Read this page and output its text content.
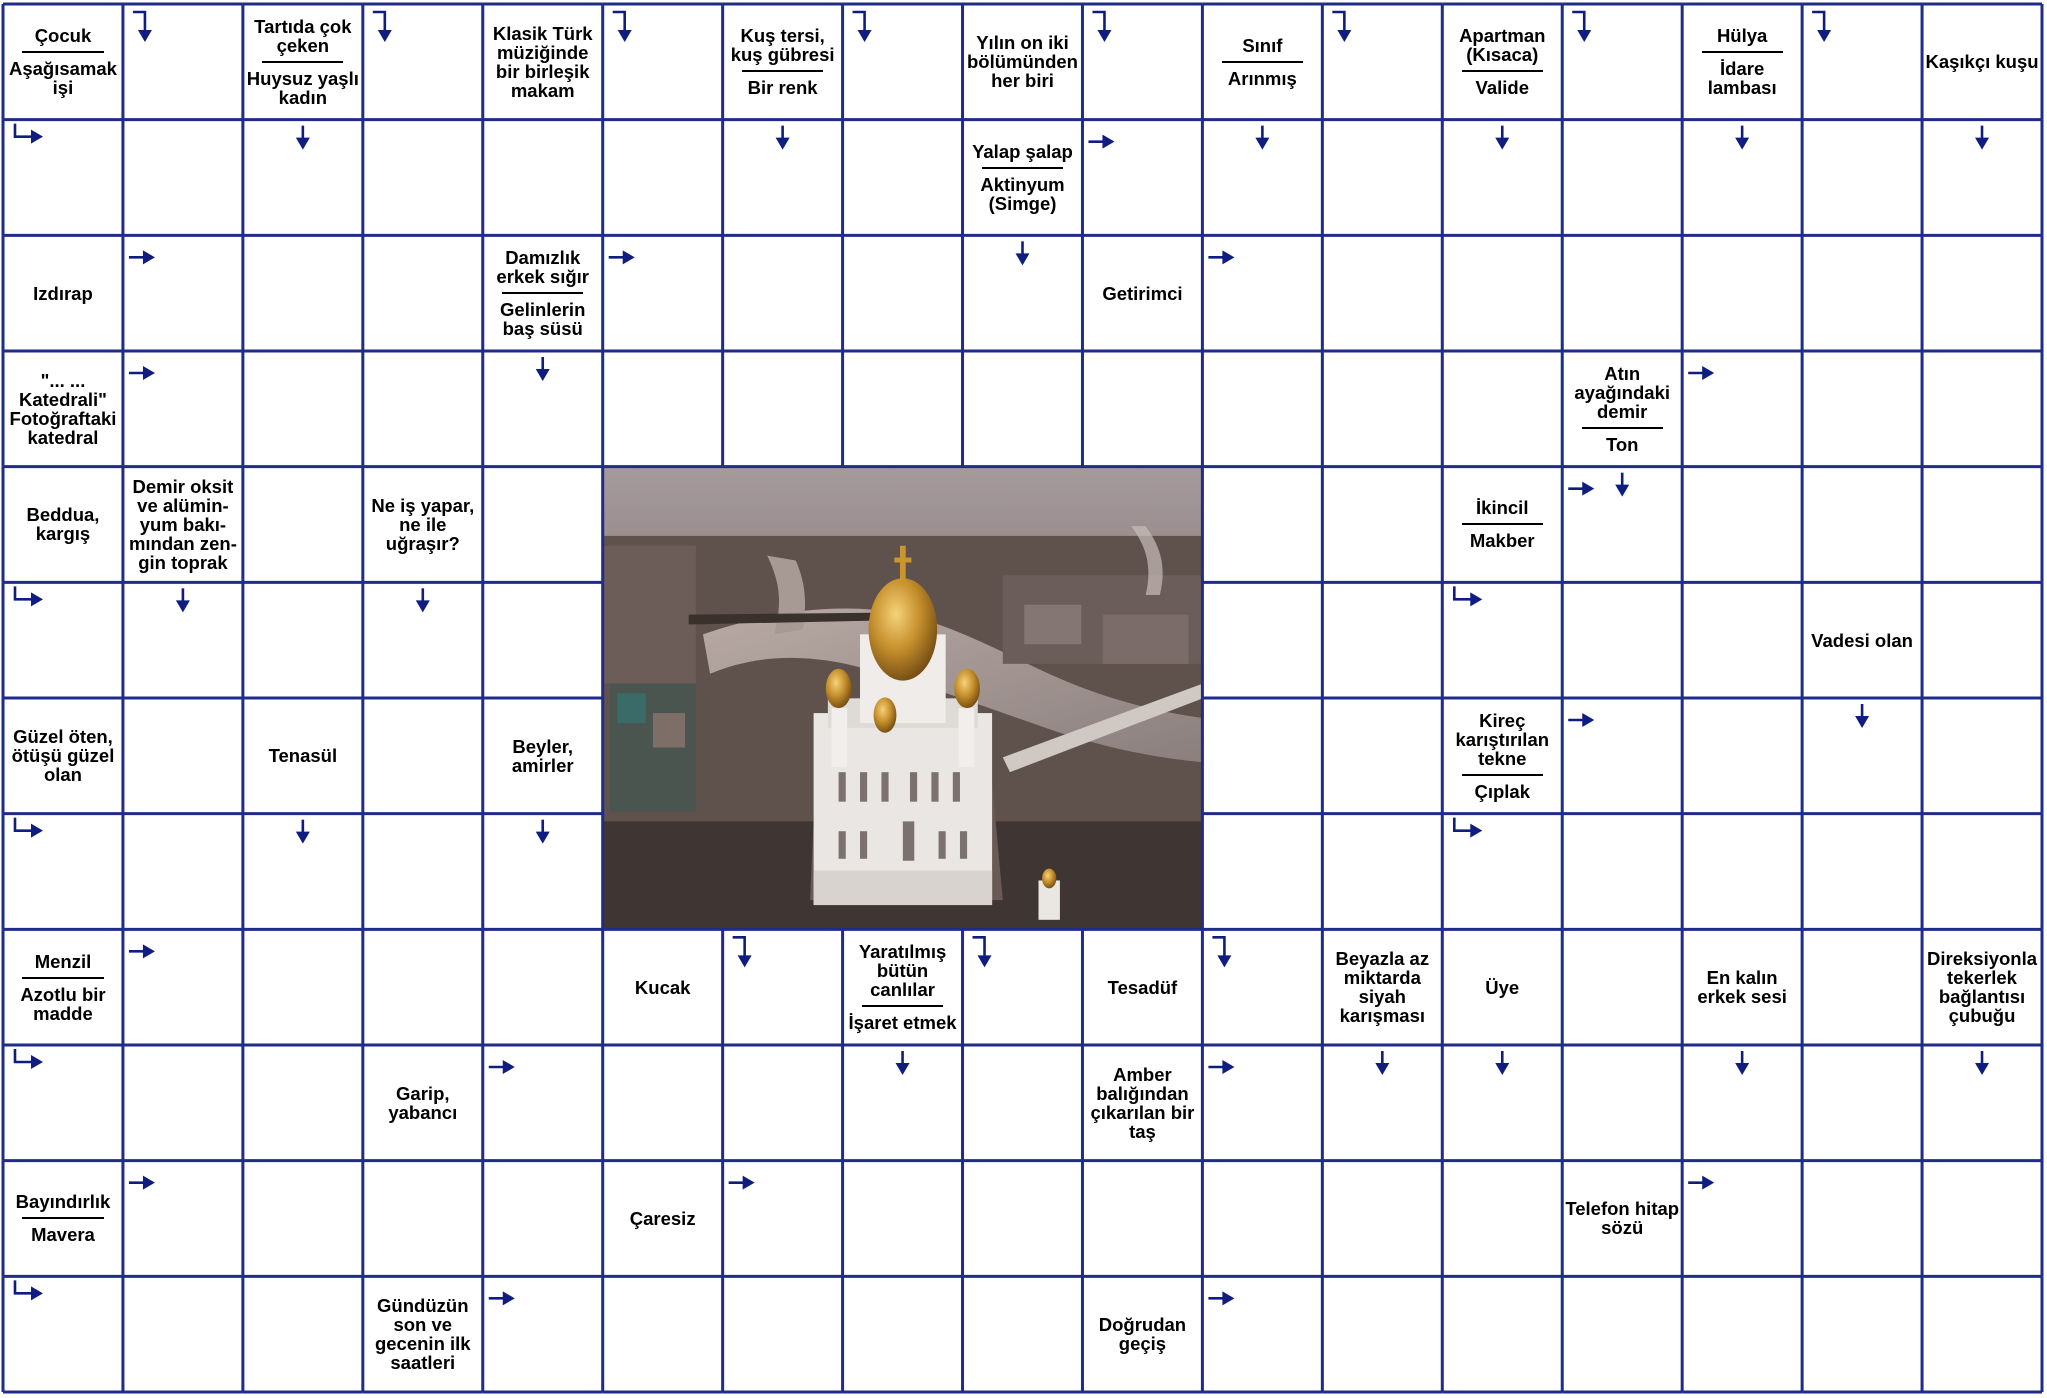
Çocuk
Aşağısamak işi
Tartıda çok çeken
Huysuz yaşlı kadın
Klasik Türk müziğinde bir birleşik makam
Kuş tersi, kuş gübresi
Bir renk
Yılın on iki bölümünden her biri
Sınıf
Arınmış
Apartman (Kısaca)
Valide
Hülya
İdare lambası
Kaşıkçı kuşu
Yalap şalap
Aktinyum (Simge)
Izdırap
Damızlık erkek sığır
Gelinlerin baş süsü
Getirimci
"... ... Katedrali" Fotoğraftaki katedral
Atın ayağındaki demir
Ton
Beddua, kargış
Demir oksit ve alümin-yum bakı-mından zen-gin toprak
Ne iş yapar, ne ile uğraşır?
İkincil
Makber
Vadesi olan
Güzel öten, ötüşü güzel olan
Tenasül	Beyler, amirler
Kireç karıştırılan tekne
Çıplak
Menzil
Azotlu bir madde
Kucak
Yaratılmış bütün canlılar
İşaret etmek
Tesadüf
Beyazla az miktarda siyah karışması
Üye	En kalın erkek sesi
Direksiyonla tekerlek bağlantısı çubuğu
Garip, yabancı
Amber balığından çıkarılan bir taş
Bayındırlık
Mavera
Çaresiz	Telefon hitap sözü
Gündüzün son ve gecenin ilk saatleri
Doğrudan geçiş
